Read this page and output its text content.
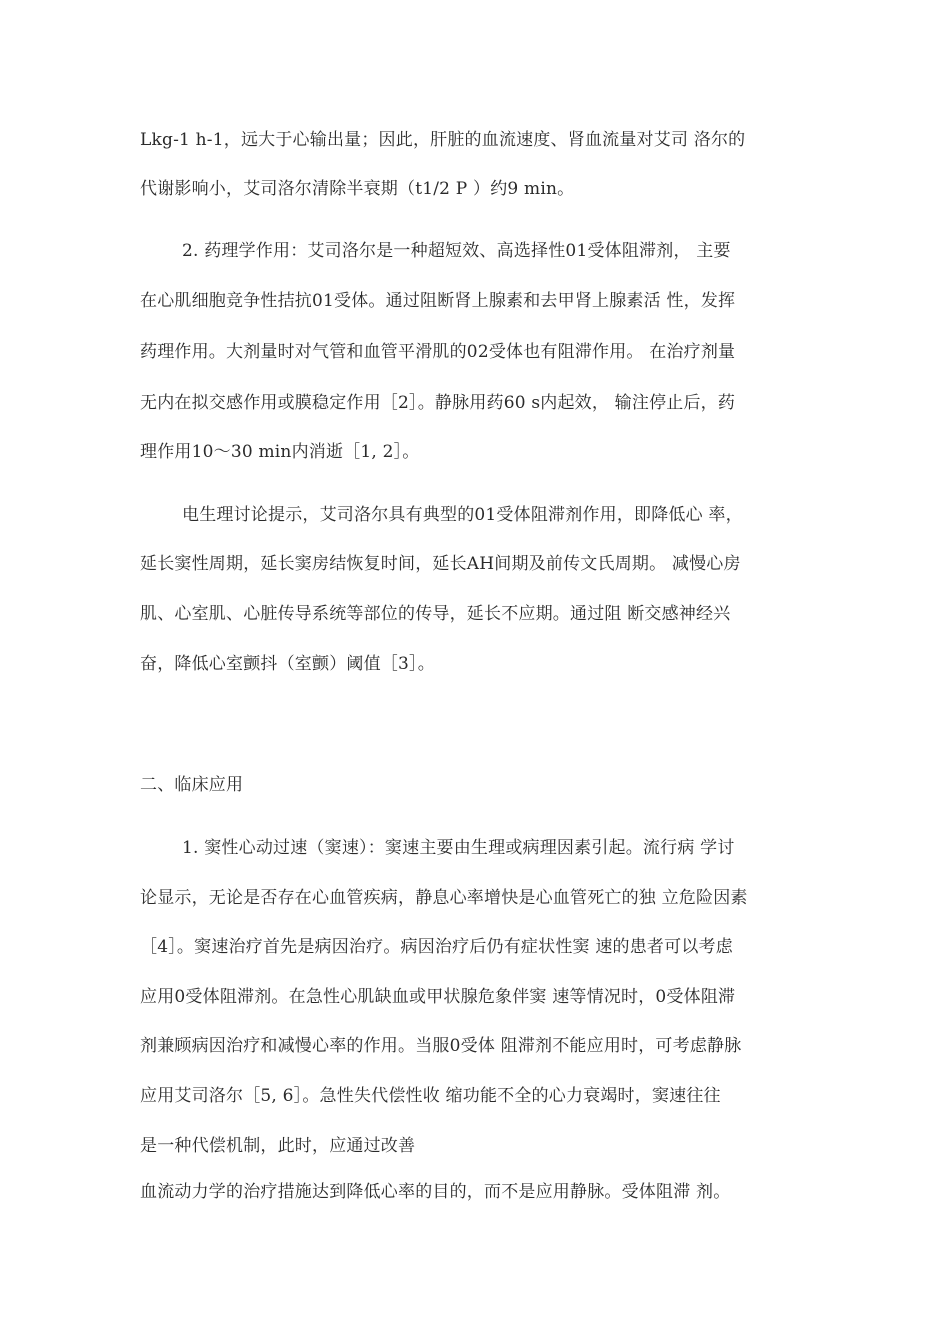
Lkg-1 h-1，远大于心输出量；因此，肝脏的血流速度、肾血流量对艾司 洛尔的
代谢影响小，艾司洛尔清除半衰期（t1/2 P ）约9 min。
2. 药理学作用：艾司洛尔是一种超短效、高选择性01受体阻滞剂， 主要
在心肌细胞竞争性拮抗01受体。通过阻断肾上腺素和去甲肾上腺素活 性，发挥
药理作用。大剂量时对气管和血管平滑肌的02受体也有阻滞作用。 在治疗剂量
无内在拟交感作用或膜稳定作用［2］。静脉用药60 s内起效， 输注停止后，药
理作用10〜30 min内消逝［1, 2］。
电生理讨论提示，艾司洛尔具有典型的01受体阻滞剂作用，即降低心 率，
延长窦性周期，延长窦房结恢复时间，延长AH间期及前传文氏周期。 减慢心房
肌、心室肌、心脏传导系统等部位的传导，延长不应期。通过阻 断交感神经兴
奋，降低心室颤抖（室颤）阈值［3］。
二、临床应用
1. 窦性心动过速（窦速）：窦速主要由生理或病理因素引起。流行病 学讨
论显示，无论是否存在心血管疾病，静息心率增快是心血管死亡的独 立危险因素
［4］。窦速治疗首先是病因治疗。病因治疗后仍有症状性窦 速的患者可以考虑
应用0受体阻滞剂。在急性心肌缺血或甲状腺危象伴窦 速等情况时，0受体阻滞
剂兼顾病因治疗和减慢心率的作用。当服0受体 阻滞剂不能应用时，可考虑静脉
应用艾司洛尔［5, 6］。急性失代偿性收 缩功能不全的心力衰竭时，窦速往往
是一种代偿机制，此时，应通过改善
血流动力学的治疗措施达到降低心率的目的，而不是应用静脉。受体阻滞 剂。
